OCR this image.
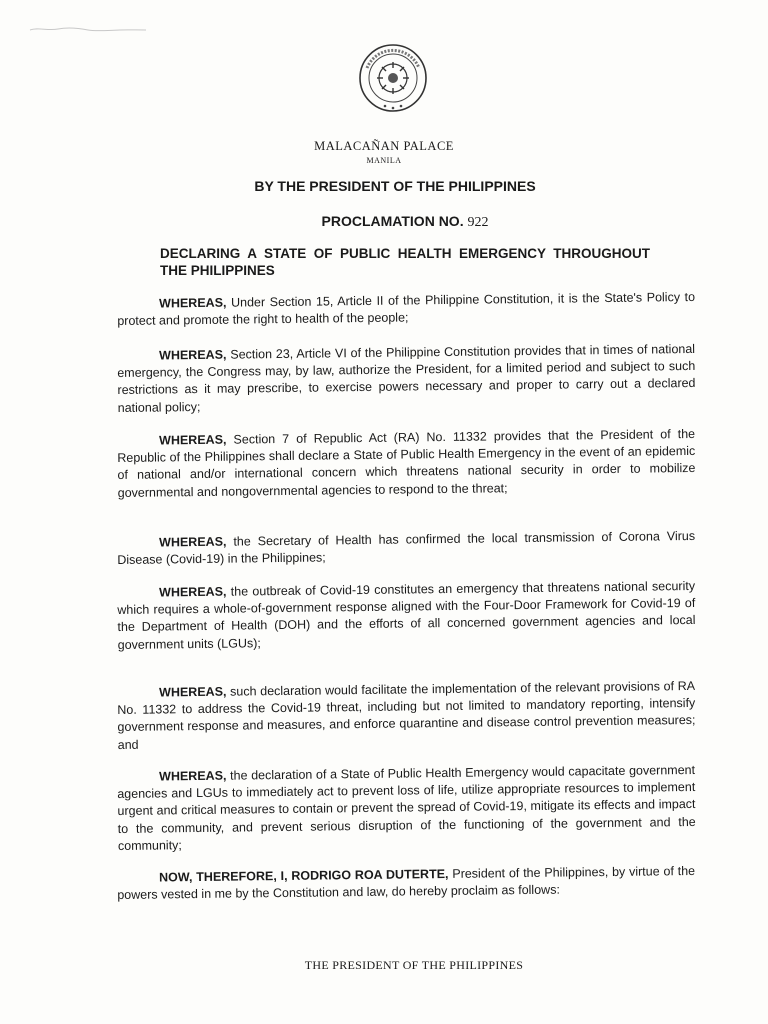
MALACAÑAN PALACE
MANILA
BY THE PRESIDENT OF THE PHILIPPINES
PROCLAMATION NO. 922
DECLARING A STATE OF PUBLIC HEALTH EMERGENCY THROUGHOUT THE PHILIPPINES

WHEREAS, Under Section 15, Article II of the Philippine Constitution, it is the State's Policy to protect and promote the right to health of the people;

WHEREAS, Section 23, Article VI of the Philippine Constitution provides that in times of national emergency, the Congress may, by law, authorize the President, for a limited period and subject to such restrictions as it may prescribe, to exercise powers necessary and proper to carry out a declared national policy;

WHEREAS, Section 7 of Republic Act (RA) No. 11332 provides that the President of the Republic of the Philippines shall declare a State of Public Health Emergency in the event of an epidemic of national and/or international concern which threatens national security in order to mobilize governmental and nongovernmental agencies to respond to the threat;

WHEREAS, the Secretary of Health has confirmed the local transmission of Corona Virus Disease (Covid-19) in the Philippines;

WHEREAS, the outbreak of Covid-19 constitutes an emergency that threatens national security which requires a whole-of-government response aligned with the Four-Door Framework for Covid-19 of the Department of Health (DOH) and the efforts of all concerned government agencies and local government units (LGUs);

WHEREAS, such declaration would facilitate the implementation of the relevant provisions of RA No. 11332 to address the Covid-19 threat, including but not limited to mandatory reporting, intensify government response and measures, and enforce quarantine and disease control prevention measures; and

WHEREAS, the declaration of a State of Public Health Emergency would capacitate government agencies and LGUs to immediately act to prevent loss of life, utilize appropriate resources to implement urgent and critical measures to contain or prevent the spread of Covid-19, mitigate its effects and impact to the community, and prevent serious disruption of the functioning of the government and the community;

NOW, THEREFORE, I, RODRIGO ROA DUTERTE, President of the Philippines, by virtue of the powers vested in me by the Constitution and law, do hereby proclaim as follows:

THE PRESIDENT OF THE PHILIPPINES
